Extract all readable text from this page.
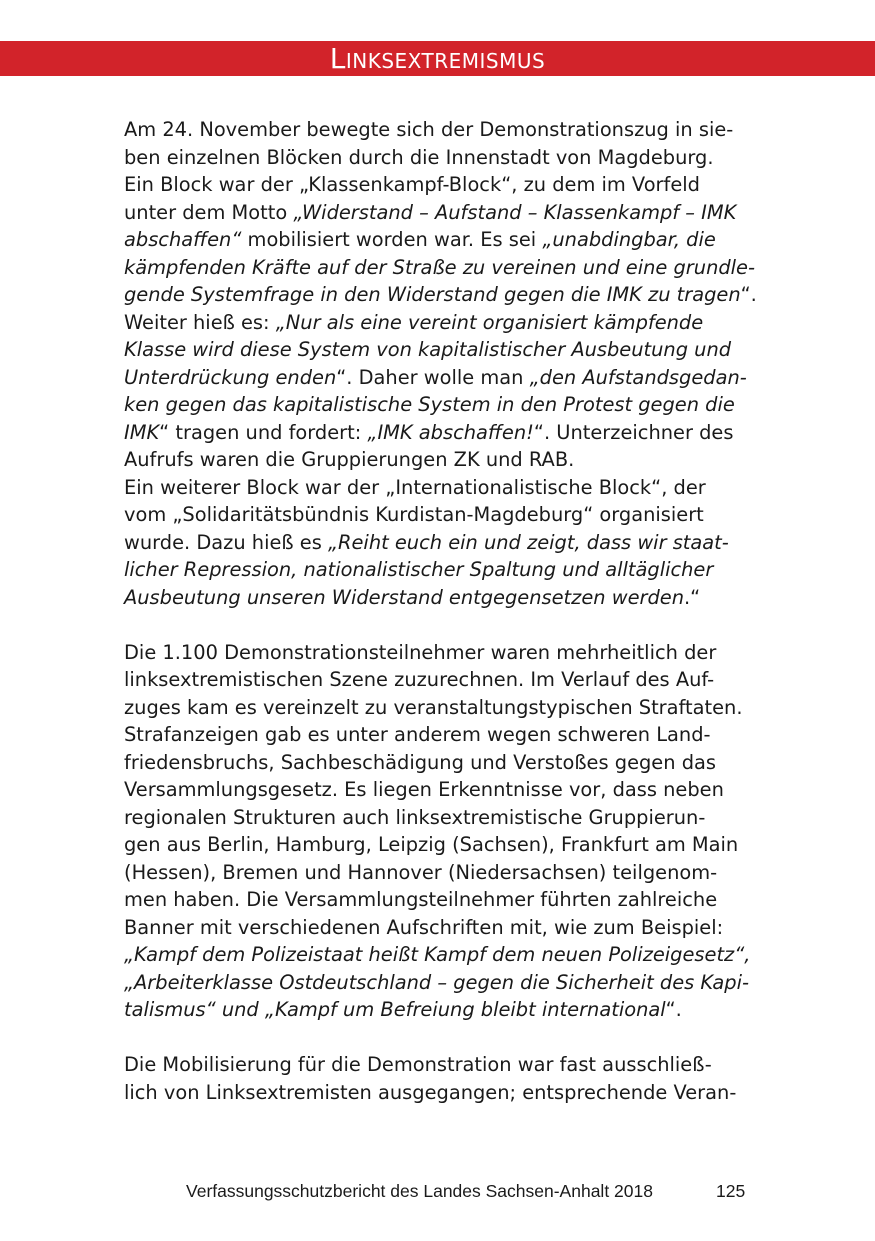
Linksextremismus
Am 24. November bewegte sich der Demonstrationszug in sie-
ben einzelnen Blöcken durch die Innenstadt von Magdeburg.
Ein Block war der „Klassenkampf-Block“, zu dem im Vorfeld
unter dem Motto „Widerstand – Aufstand – Klassenkampf – IMK
abschaffen“ mobilisiert worden war. Es sei „unabdingbar, die
kämpfenden Kräfte auf der Straße zu vereinen und eine grundle-
gende Systemfrage in den Widerstand gegen die IMK zu tragen“.
Weiter hieß es: „Nur als eine vereint organisiert kämpfende
Klasse wird diese System von kapitalistischer Ausbeutung und
Unterdrückung enden“. Daher wolle man „den Aufstandsgedan-
ken gegen das kapitalistische System in den Protest gegen die
IMK“ tragen und fordert: „IMK abschaffen!“. Unterzeichner des
Aufrufs waren die Gruppierungen ZK und RAB.
Ein weiterer Block war der „Internationalistische Block“, der
vom „Solidaritätsbündnis Kurdistan-Magdeburg“ organisiert
wurde. Dazu hieß es „Reiht euch ein und zeigt, dass wir staat-
licher Repression, nationalistischer Spaltung und alltäglicher
Ausbeutung unseren Widerstand entgegensetzen werden.“
Die 1.100 Demonstrationsteilnehmer waren mehrheitlich der
linksextremistischen Szene zuzurechnen. Im Verlauf des Auf-
zuges kam es vereinzelt zu veranstaltungstypischen Straftaten.
Strafanzeigen gab es unter anderem wegen schweren Land-
friedensbruchs, Sachbeschädigung und Verstoßes gegen das
Versammlungsgesetz. Es liegen Erkenntnisse vor, dass neben
regionalen Strukturen auch linksextremistische Gruppierun-
gen aus Berlin, Hamburg, Leipzig (Sachsen), Frankfurt am Main
(Hessen), Bremen und Hannover (Niedersachsen) teilgenom-
men haben. Die Versammlungsteilnehmer führten zahlreiche
Banner mit verschiedenen Aufschriften mit, wie zum Beispiel:
„Kampf dem Polizeistaat heißt Kampf dem neuen Polizeigesetz“,
„Arbeiterklasse Ostdeutschland – gegen die Sicherheit des Kapi-
talismus“ und „Kampf um Befreiung bleibt international“.
Die Mobilisierung für die Demonstration war fast ausschließ-
lich von Linksextremisten ausgegangen; entsprechende Veran-
Verfassungsschutzbericht des Landes Sachsen-Anhalt 2018	125
